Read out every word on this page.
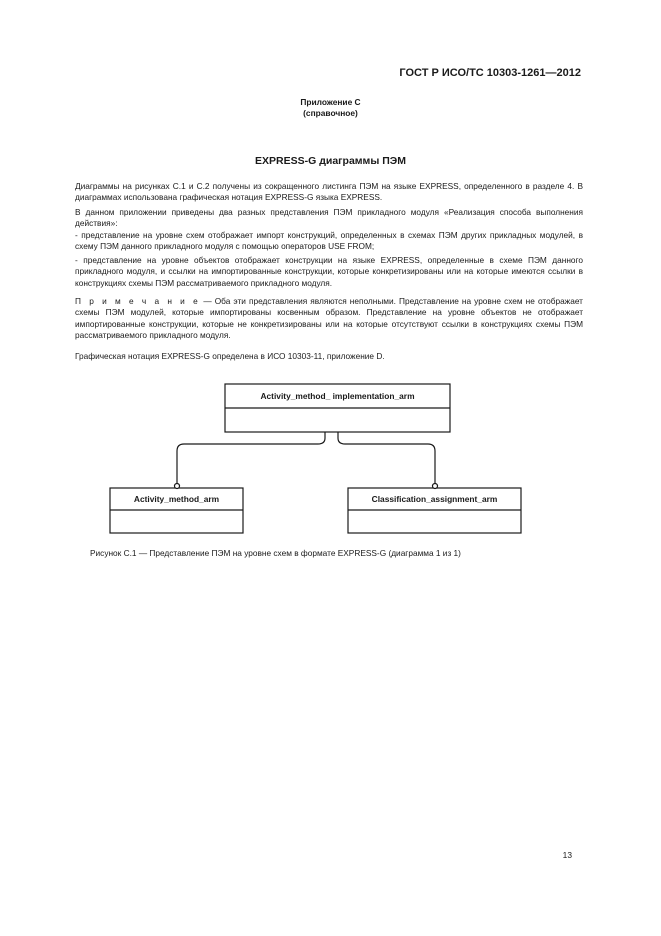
ГОСТ Р ИСО/ТС 10303-1261—2012
Приложение С
(справочное)
EXPRESS-G диаграммы ПЭМ

Диаграммы на рисунках С.1 и С.2 получены из сокращенного листинга ПЭМ на языке EXPRESS, определенного в разделе 4. В диаграммах использована графическая нотация EXPRESS-G языка EXPRESS.

В данном приложении приведены два разных представления ПЭМ прикладного модуля «Реализация способа выполнения действия»:

- представление на уровне схем отображает импорт конструкций, определенных в схемах ПЭМ других прикладных модулей, в схему ПЭМ данного прикладного модуля с помощью операторов USE FROM;

- представление на уровне объектов отображает конструкции на языке EXPRESS, определенные в схеме ПЭМ данного прикладного модуля, и ссылки на импортированные конструкции, которые конкретизированы или на которые имеются ссылки в конструкциях схемы ПЭМ рассматриваемого прикладного модуля.

П р и м е ч а н и е — Оба эти представления являются неполными. Представление на уровне схем не отображает схемы ПЭМ модулей, которые импортированы косвенным образом. Представление на уровне объектов не отображает импортированные конструкции, которые не конкретизированы или на которые отсутствуют ссылки в конструкциях схемы ПЭМ рассматриваемого прикладного модуля.

Графическая нотация EXPRESS-G определена в ИСО 10303-11, приложение D.

Activity_method_ implementation_arm
Activity_method_arm	Classification_assignment_arm
Рисунок С.1 — Представление ПЭМ на уровне схем в формате EXPRESS-G (диаграмма 1 из 1)
13
